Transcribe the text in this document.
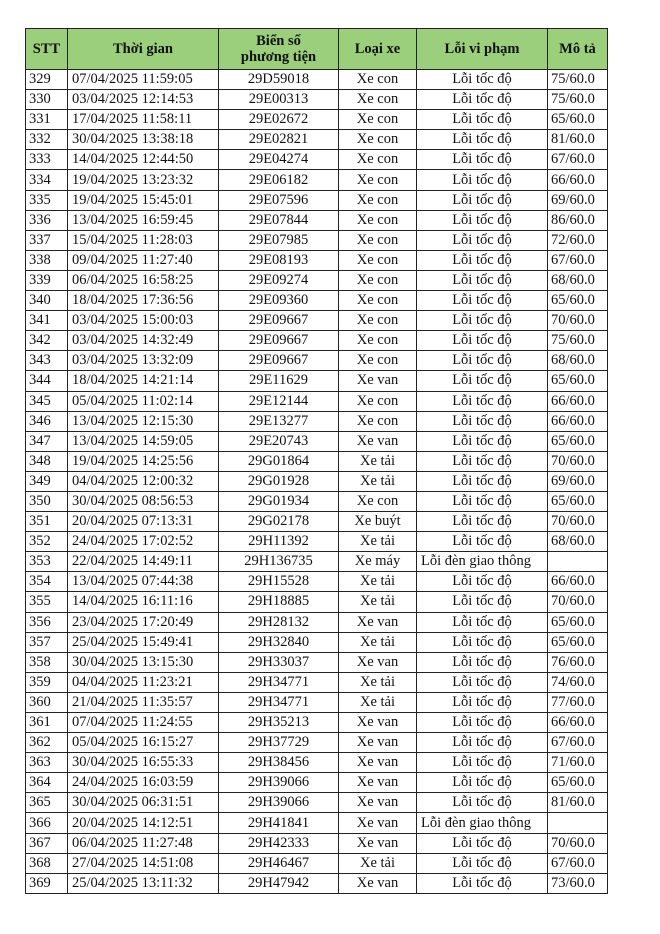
STT	Thời gian	Biển số
phương tiện	Loại xe	Lỗi vi phạm	Mô tả
329	07/04/2025 11:59:05	29D59018	Xe con	Lỗi tốc độ	75/60.0
330	03/04/2025 12:14:53	29E00313	Xe con	Lỗi tốc độ	75/60.0
331	17/04/2025 11:58:11	29E02672	Xe con	Lỗi tốc độ	65/60.0
332	30/04/2025 13:38:18	29E02821	Xe con	Lỗi tốc độ	81/60.0
333	14/04/2025 12:44:50	29E04274	Xe con	Lỗi tốc độ	67/60.0
334	19/04/2025 13:23:32	29E06182	Xe con	Lỗi tốc độ	66/60.0
335	19/04/2025 15:45:01	29E07596	Xe con	Lỗi tốc độ	69/60.0
336	13/04/2025 16:59:45	29E07844	Xe con	Lỗi tốc độ	86/60.0
337	15/04/2025 11:28:03	29E07985	Xe con	Lỗi tốc độ	72/60.0
338	09/04/2025 11:27:40	29E08193	Xe con	Lỗi tốc độ	67/60.0
339	06/04/2025 16:58:25	29E09274	Xe con	Lỗi tốc độ	68/60.0
340	18/04/2025 17:36:56	29E09360	Xe con	Lỗi tốc độ	65/60.0
341	03/04/2025 15:00:03	29E09667	Xe con	Lỗi tốc độ	70/60.0
342	03/04/2025 14:32:49	29E09667	Xe con	Lỗi tốc độ	75/60.0
343	03/04/2025 13:32:09	29E09667	Xe con	Lỗi tốc độ	68/60.0
344	18/04/2025 14:21:14	29E11629	Xe van	Lỗi tốc độ	65/60.0
345	05/04/2025 11:02:14	29E12144	Xe con	Lỗi tốc độ	66/60.0
346	13/04/2025 12:15:30	29E13277	Xe con	Lỗi tốc độ	66/60.0
347	13/04/2025 14:59:05	29E20743	Xe van	Lỗi tốc độ	65/60.0
348	19/04/2025 14:25:56	29G01864	Xe tải	Lỗi tốc độ	70/60.0
349	04/04/2025 12:00:32	29G01928	Xe tải	Lỗi tốc độ	69/60.0
350	30/04/2025 08:56:53	29G01934	Xe con	Lỗi tốc độ	65/60.0
351	20/04/2025 07:13:31	29G02178	Xe buýt	Lỗi tốc độ	70/60.0
352	24/04/2025 17:02:52	29H11392	Xe tải	Lỗi tốc độ	68/60.0
353	22/04/2025 14:49:11	29H136735	Xe máy	Lỗi đèn giao thông	
354	13/04/2025 07:44:38	29H15528	Xe tải	Lỗi tốc độ	66/60.0
355	14/04/2025 16:11:16	29H18885	Xe tải	Lỗi tốc độ	70/60.0
356	23/04/2025 17:20:49	29H28132	Xe van	Lỗi tốc độ	65/60.0
357	25/04/2025 15:49:41	29H32840	Xe tải	Lỗi tốc độ	65/60.0
358	30/04/2025 13:15:30	29H33037	Xe van	Lỗi tốc độ	76/60.0
359	04/04/2025 11:23:21	29H34771	Xe tải	Lỗi tốc độ	74/60.0
360	21/04/2025 11:35:57	29H34771	Xe tải	Lỗi tốc độ	77/60.0
361	07/04/2025 11:24:55	29H35213	Xe van	Lỗi tốc độ	66/60.0
362	05/04/2025 16:15:27	29H37729	Xe van	Lỗi tốc độ	67/60.0
363	30/04/2025 16:55:33	29H38456	Xe van	Lỗi tốc độ	71/60.0
364	24/04/2025 16:03:59	29H39066	Xe van	Lỗi tốc độ	65/60.0
365	30/04/2025 06:31:51	29H39066	Xe van	Lỗi tốc độ	81/60.0
366	20/04/2025 14:12:51	29H41841	Xe van	Lỗi đèn giao thông	
367	06/04/2025 11:27:48	29H42333	Xe van	Lỗi tốc độ	70/60.0
368	27/04/2025 14:51:08	29H46467	Xe tải	Lỗi tốc độ	67/60.0
369	25/04/2025 13:11:32	29H47942	Xe van	Lỗi tốc độ	73/60.0
